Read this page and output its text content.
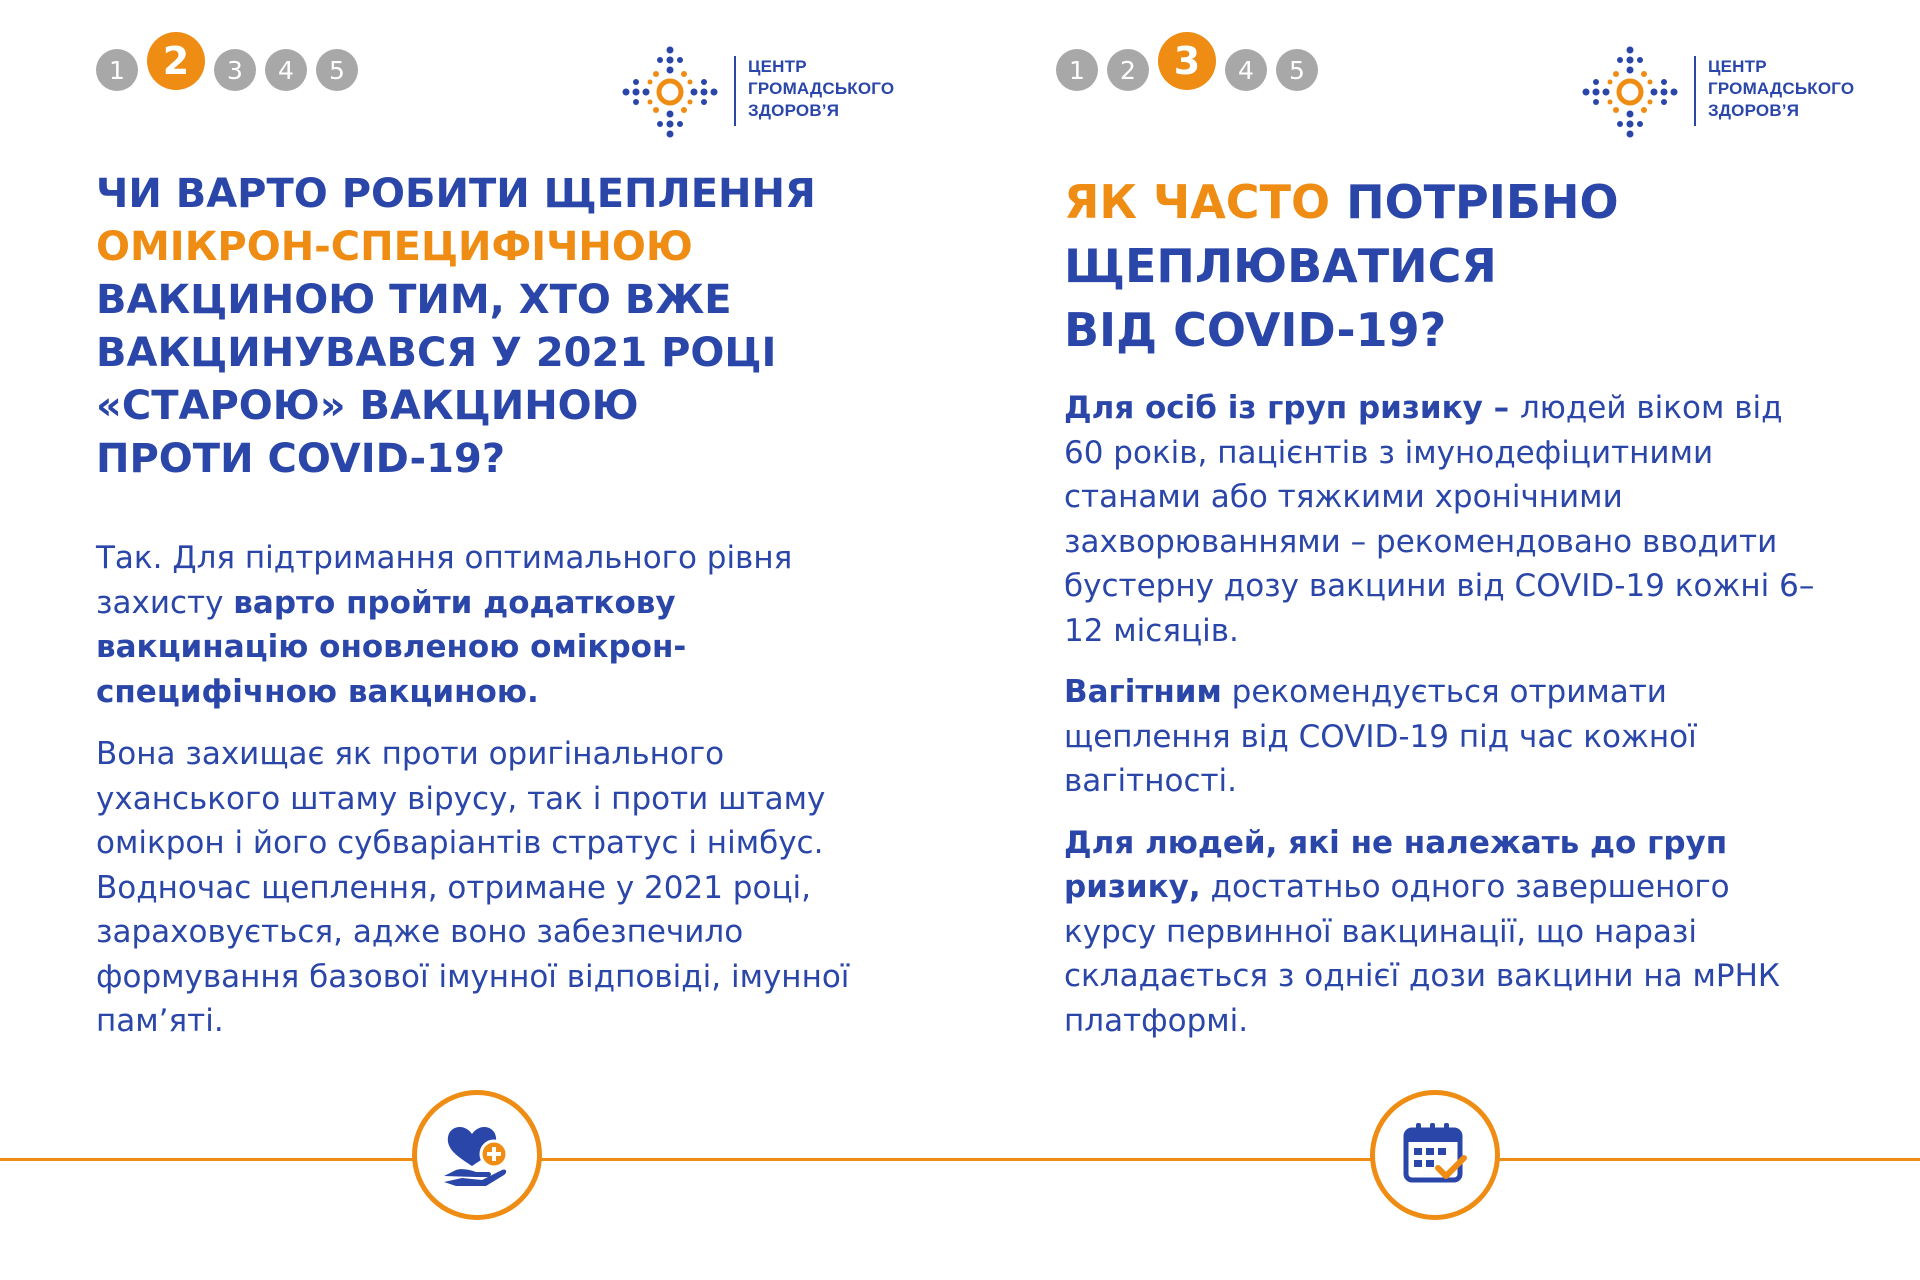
1 2	3	4	5	ЦЕНТР
ГРОМАДСЬКОГО
ЗДОРОВ’Я
ЧИ ВАРТО РОБИТИ ЩЕПЛЕННЯ
ОМІКРОН-СПЕЦИФІЧНОЮ
ВАКЦИНОЮ ТИМ, ХТО ВЖЕ
ВАКЦИНУВАВСЯ У 2021 РОЦІ
«СТАРОЮ» ВАКЦИНОЮ
ПРОТИ COVID-19?

Так. Для підтримання оптимального рівня захисту варто пройти додаткову вакцинацію оновленою омікрон-специфічною вакциною.

Вона захищає як проти оригінального уханського штаму вірусу, так і проти штаму омікрон і його субваріантів стратус і німбус. Водночас щеплення, отримане у 2021 році, зараховується, адже воно забезпечило формування базової імунної відповіді, імунної пам’яті.

1	2 3	4	5	ЦЕНТР
ГРОМАДСЬКОГО
ЗДОРОВ’Я
ЯК ЧАСТО ПОТРІБНО
ЩЕПЛЮВАТИСЯ
ВІД COVID-19?

Для осіб із груп ризику – людей віком від 60 років, пацієнтів з імунодефіцитними станами або тяжкими хронічними захворюваннями – рекомендовано вводити бустерну дозу вакцини від COVID-19 кожні 6–12 місяців.

Вагітним рекомендується отримати щеплення від COVID-19 під час кожної вагітності.

Для людей, які не належать до груп ризику, достатньо одного завершеного курсу первинної вакцинації, що наразі складається з однієї дози вакцини на мРНК платформі.
